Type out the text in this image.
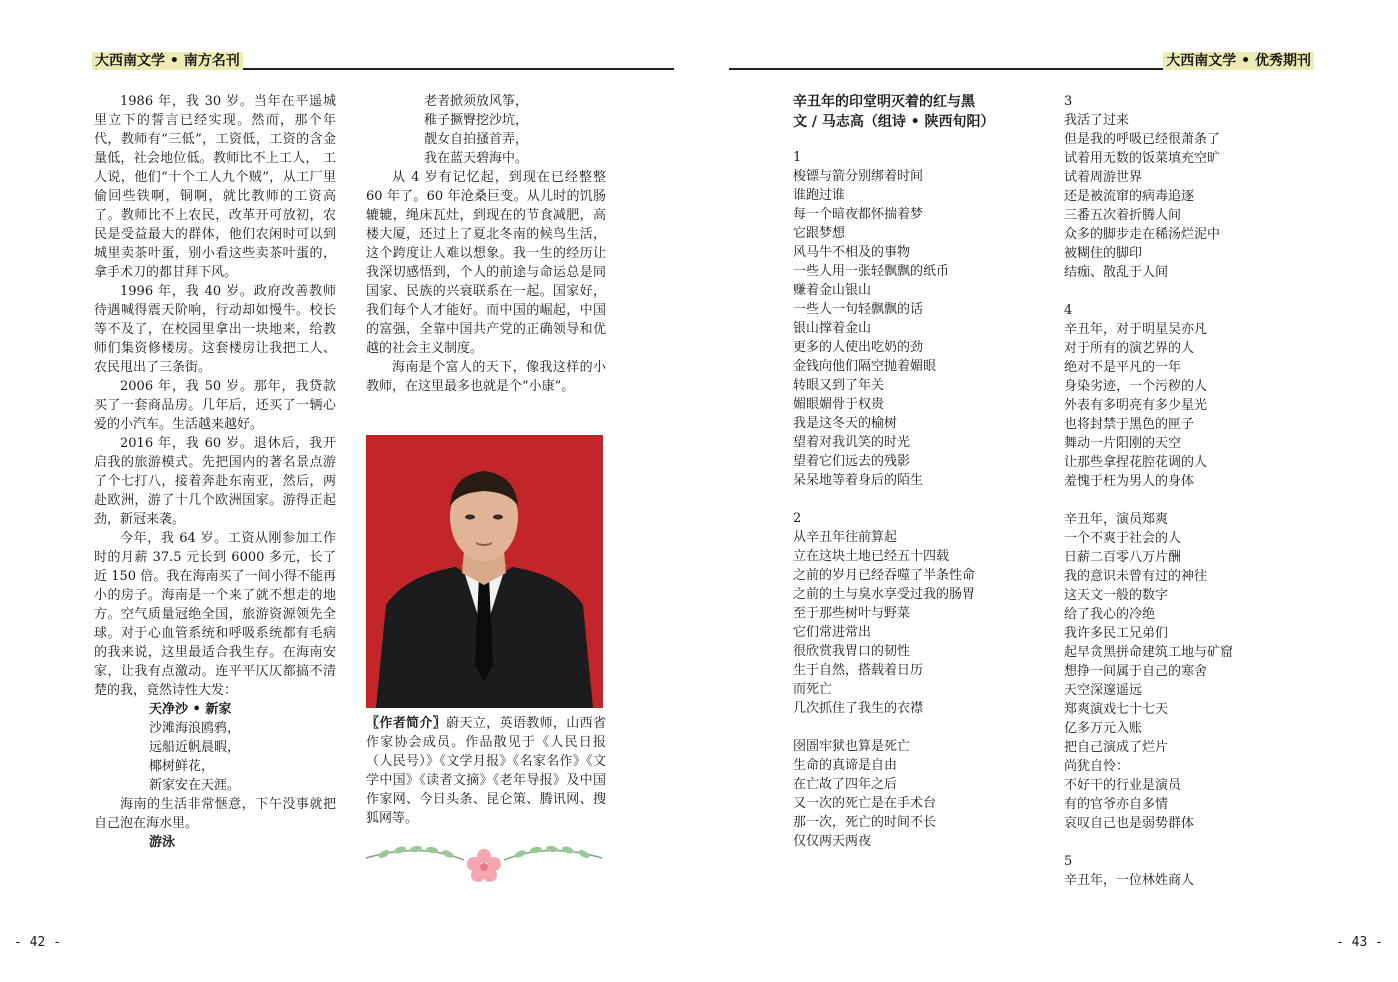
大西南文学 • 南方名刊

1986 年，我 30 岁。当年在平遥城里立下的誓言已经实现。然而，那个年代，教师有“三低”，工资低，工资的含金量低，社会地位低。教师比不上工人， 工人说，他们“十个工人九个贼”，从工厂里偷回些铁啊，铜啊，就比教师的工资高了。教师比不上农民，改革开可放初，农民是受益最大的群体，他们农闲时可以到城里卖茶叶蛋，别小看这些卖茶叶蛋的，拿手术刀的都甘拜下风。

1996 年，我 40 岁。政府改善教师待遇喊得震天阶响，行动却如慢牛。校长等不及了，在校园里拿出一块地来，给教师们集资修楼房。这套楼房让我把工人、农民甩出了三条街。

2006 年，我 50 岁。那年，我贷款买了一套商品房。几年后，还买了一辆心爱的小汽车。生活越来越好。

2016 年，我 60 岁。退休后，我开启我的旅游模式。先把国内的著名景点游了个七打八，接着奔赴东南亚，然后，两赴欧洲，游了十几个欧洲国家。游得正起劲，新冠来袭。

今年，我 64 岁。工资从刚参加工作时的月薪 37.5 元长到 6000 多元，长了近 150 倍。我在海南买了一间小得不能再小的房子。海南是一个来了就不想走的地方。空气质量冠绝全国，旅游资源领先全球。对于心血管系统和呼吸系统都有毛病的我来说，这里最适合我生存。在海南安家，让我有点激动。连平平仄仄都搞不清楚的我，竟然诗性大发：

天净沙 • 新家
沙滩海浪鸥鸦，
远船近帆晨暇，
椰树鲜花，
新家安在天涯。

海南的生活非常惬意，下午没事就把自己泡在海水里。

游泳
老者掀须放风筝，
稚子撅臀挖沙坑，
靓女自拍搔首弄，
我在蓝天碧海中。

从 4 岁有记忆起，到现在已经整整 60 年了。60 年沧桑巨变。从儿时的饥肠辘辘，绳床瓦灶，到现在的节食减肥，高楼大厦，还过上了夏北冬南的候鸟生活，这个跨度让人难以想象。我一生的经历让我深切感悟到，个人的前途与命运总是同国家、民族的兴衰联系在一起。国家好，我们每个人才能好。而中国的崛起，中国的富强，全靠中国共产党的正确领导和优越的社会主义制度。

海南是个富人的天下，像我这样的小教师，在这里最多也就是个“小康”。

〖作者简介〗蔚天立，英语教师，山西省作家协会成员。作品散见于《人民日报（人民号）》《文学月报》《名家名作》《文学中国》《读者文摘》《老年导报》及中国作家网、今日头条、昆仑策、腾讯网、搜狐网等。
- 42 -
大西南文学 • 优秀期刊
辛丑年的印堂明灭着的红与黑
文 / 马志高（组诗 • 陕西旬阳）
1
梭镖与箭分别绑着时间
谁跑过谁
每一个暗夜都怀揣着梦
它跟梦想
风马牛不相及的事物
一些人用一张轻飘飘的纸币
赚着金山银山
一些人一句轻飘飘的话
银山撑着金山
更多的人使出吃奶的劲
金钱向他们隔空抛着媚眼
转眼又到了年关
媚眼媚骨于权贵
我是这冬天的榆树
望着对我讥笑的时光
望着它们远去的残影
呆呆地等着身后的陌生
2
从辛丑年往前算起
立在这块土地已经五十四载
之前的岁月已经吞噬了半条性命
之前的土与臭水享受过我的肠胃
至于那些树叶与野菜
它们常进常出
很欣赏我胃口的韧性
生于自然，搭载着日历
而死亡
几次抓住了我生的衣襟
囹圄牢狱也算是死亡
生命的真谛是自由
在亡故了四年之后
又一次的死亡是在手术台
那一次，死亡的时间不长
仅仅两天两夜
3
我活了过来
但是我的呼吸已经很萧条了
试着用无数的饭菜填充空旷
试着周游世界
还是被流窜的病毒追逐
三番五次着折腾人间
众多的脚步走在稀汤烂泥中
被糊住的脚印
结痂、散乱于人间
4
辛丑年，对于明星吴亦凡
对于所有的演艺界的人
绝对不是平凡的一年
身染劣迹，一个污秽的人
外表有多明亮有多少星光
也将封禁于黑色的匣子
舞动一片阳刚的天空
让那些拿捏花腔花调的人
羞愧于枉为男人的身体
辛丑年，演员郑爽
一个不爽于社会的人
日薪二百零八万片酬
我的意识未曾有过的神往
这天文一般的数字
给了我心的冷绝
我许多民工兄弟们
起早贪黑拼命建筑工地与矿窟
想挣一间属于自己的寒舍
天空深邃遥远
郑爽演戏七十七天
亿多万元入账
把自己演成了烂片
尚犹自怜：
不好干的行业是演员
有的官爷亦自多情
哀叹自己也是弱势群体
5
辛丑年，一位林姓商人
- 43 -
